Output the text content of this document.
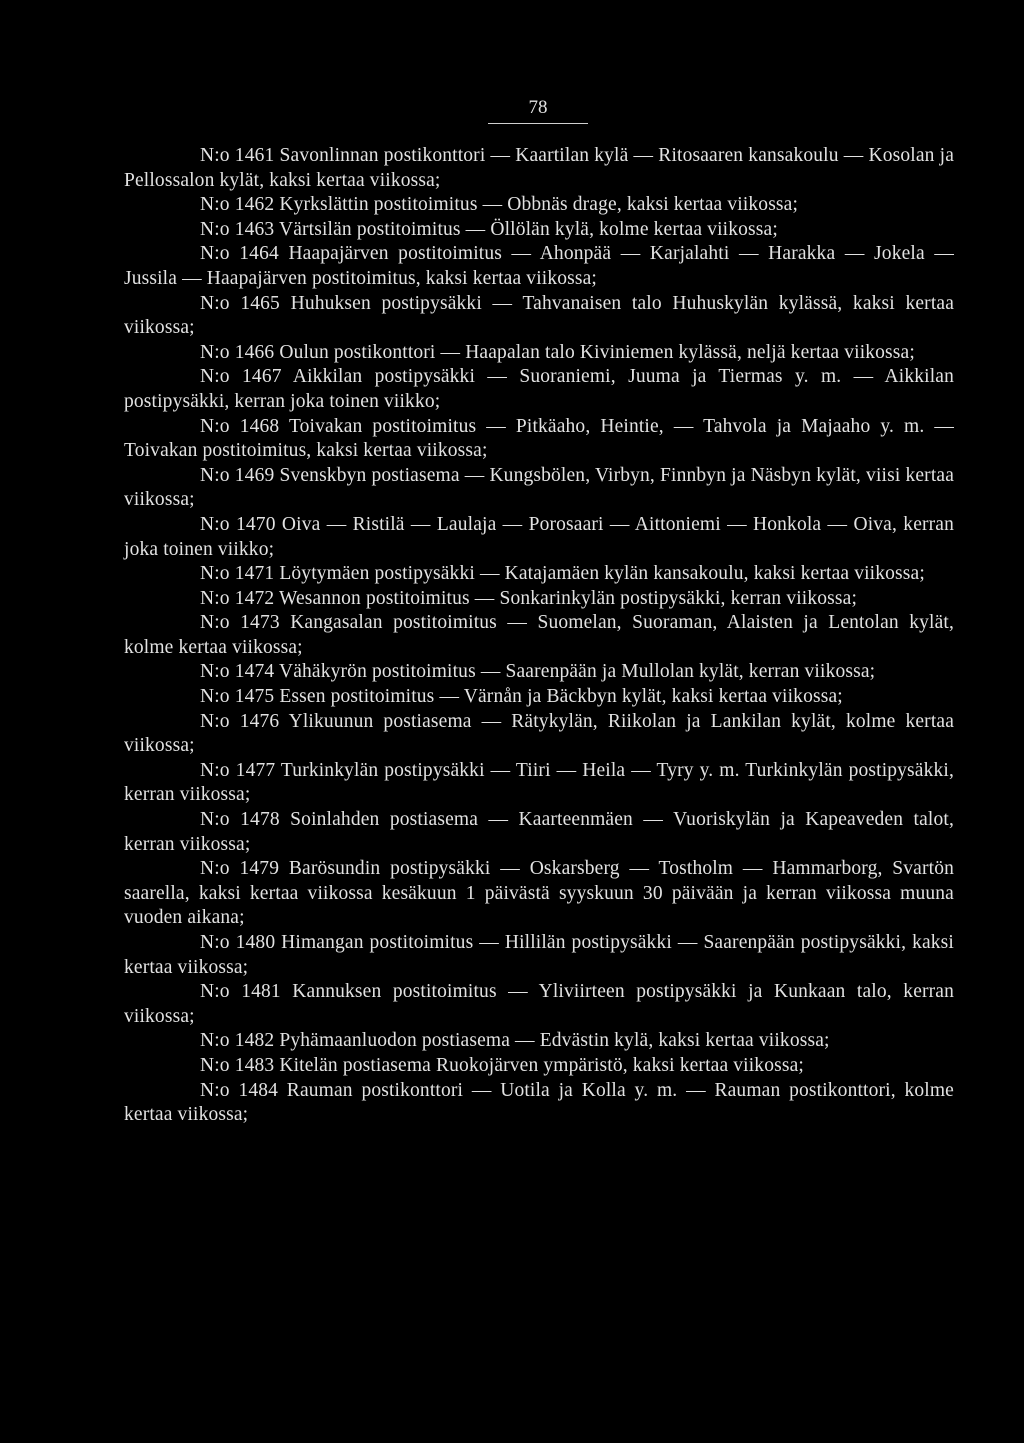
78
N:o 1461 Savonlinnan postikonttori — Kaartilan kylä — Ritosaaren kansakoulu — Kosolan ja Pellossalon kylät, kaksi kertaa viikossa;
N:o 1462 Kyrkslättin postitoimitus — Obbnäs drage, kaksi kertaa viikossa;
N:o 1463 Värtsilän postitoimitus — Öllölän kylä, kolme kertaa viikossa;
N:o 1464 Haapajärven postitoimitus — Ahonpää — Karjalahti — Harakka — Jokela — Jussila — Haapajärven postitoimitus, kaksi kertaa viikossa;
N:o 1465 Huhuksen postipysäkki — Tahvanaisen talo Huhuskylän kylässä, kaksi kertaa viikossa;
N:o 1466 Oulun postikonttori — Haapalan talo Kiviniemen kylässä, neljä kertaa viikossa;
N:o 1467 Aikkilan postipysäkki — Suoraniemi, Juuma ja Tiermas y. m. — Aikkilan postipysäkki, kerran joka toinen viikko;
N:o 1468 Toivakan postitoimitus — Pitkäaho, Heintie, — Tahvola ja Majaaho y. m. — Toivakan postitoimitus, kaksi kertaa viikossa;
N:o 1469 Svenskbyn postiasema — Kungsbölen, Virbyn, Finnbyn ja Näsbyn kylät, viisi kertaa viikossa;
N:o 1470 Oiva — Ristilä — Laulaja — Porosaari — Aittoniemi — Honkola — Oiva, kerran joka toinen viikko;
N:o 1471 Löytymäen postipysäkki — Katajamäen kylän kansakoulu, kaksi kertaa viikossa;
N:o 1472 Wesannon postitoimitus — Sonkarinkylän postipysäkki, kerran viikossa;
N:o 1473 Kangasalan postitoimitus — Suomelan, Suoraman, Alaisten ja Lentolan kylät, kolme kertaa viikossa;
N:o 1474 Vähäkyrön postitoimitus — Saarenpään ja Mullolan kylät, kerran viikossa;
N:o 1475 Essen postitoimitus — Värnån ja Bäckbyn kylät, kaksi kertaa viikossa;
N:o 1476 Ylikuunun postiasema — Rätykylän, Riikolan ja Lankilan kylät, kolme kertaa viikossa;
N:o 1477 Turkinkylän postipysäkki — Tiiri — Heila — Tyry y. m. Turkinkylän postipysäkki, kerran viikossa;
N:o 1478 Soinlahden postiasema — Kaarteenmäen — Vuoriskylän ja Kapeaveden talot, kerran viikossa;
N:o 1479 Barösundin postipysäkki — Oskarsberg — Tostholm — Hammarborg, Svartön saarella, kaksi kertaa viikossa kesäkuun 1 päivästä syyskuun 30 päivään ja kerran viikossa muuna vuoden aikana;
N:o 1480 Himangan postitoimitus — Hillilän postipysäkki — Saarenpään postipysäkki, kaksi kertaa viikossa;
N:o 1481 Kannuksen postitoimitus — Yliviirteen postipysäkki ja Kunkaan talo, kerran viikossa;
N:o 1482 Pyhämaanluodon postiasema — Edvästin kylä, kaksi kertaa viikossa;
N:o 1483 Kitelän postiasema Ruokojärven ympäristö, kaksi kertaa viikossa;
N:o 1484 Rauman postikonttori — Uotila ja Kolla y. m. — Rauman postikonttori, kolme kertaa viikossa;
